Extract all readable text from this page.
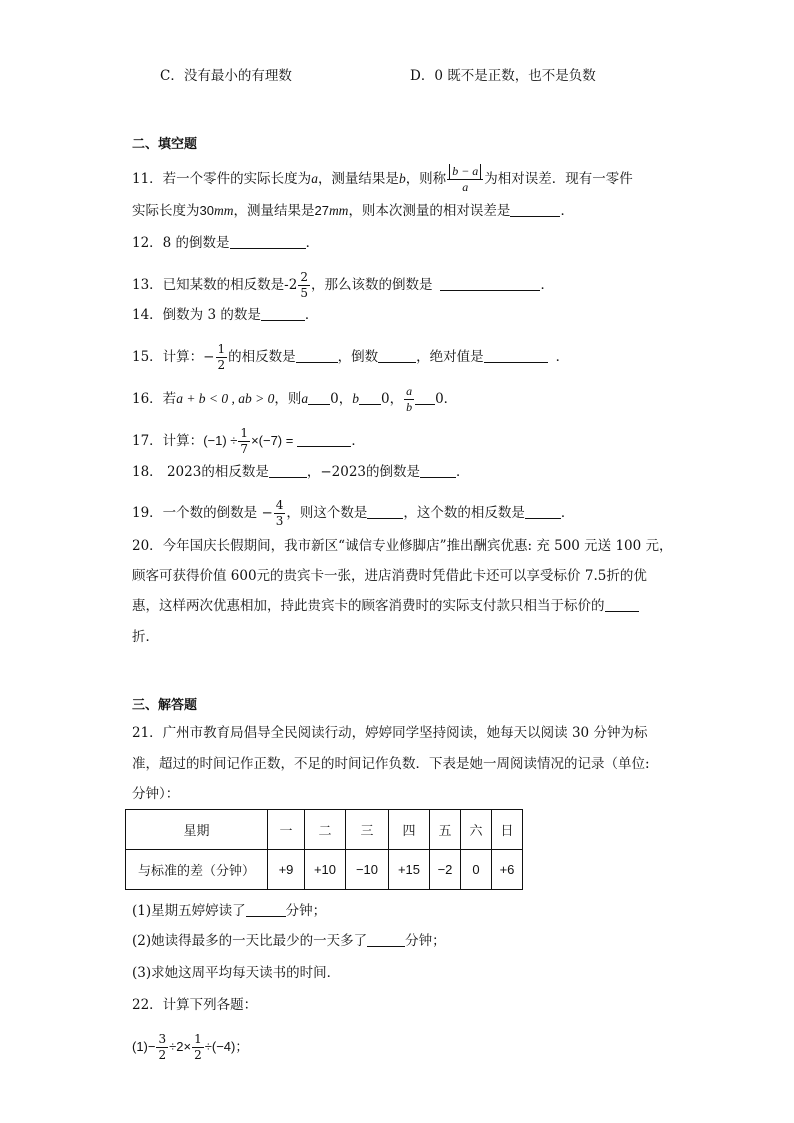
C．没有最小的有理数	D．0 既不是正数，也不是负数
二、填空题
11．若一个零件的实际长度为a，测量结果是b，则称 $\frac{b - a}{a}$ 为相对误差．现有一零件
实际长度为30mm，测量结果是27mm，则本次测量的相对误差是	．
12．8 的倒数是	．
13．已知某数的相反数是$-2 \frac{2}{5}$ ，那么该数的倒数是	．
14．倒数为 3 的数是	．
15．计算：− $\frac{1}{2}$ 的相反数是	，倒数	，绝对值是	．
16．若a + b < 0 , ab > 0，则a 0，b 0， $\frac{a}{b} 0$．
17．计算：$(-1) \div \frac{1}{7} \times(-7)$ =	．
18． 2023的相反数是	，−2023的倒数是	．
19．一个数的倒数是 − $\frac{4}{3}$ ，则这个数是	，这个数的相反数是	．
20．今年国庆长假期间，我市新区“诚信专业修脚店”推出酬宾优惠: 充 500 元送 100 元，
顾客可获得价值 600元的贵宾卡一张，进店消费时凭借此卡还可以享受标价 7.5折的优
惠，这样两次优惠相加，持此贵宾卡的顾客消费时的实际支付款只相当于标价的
折．
三、解答题
21．广州市教育局倡导全民阅读行动，婷婷同学坚持阅读，她每天以阅读 30 分钟为标
准，超过的时间记作正数，不足的时间记作负数．下表是她一周阅读情况的记录（单位:
分钟）：
星期	一	二	三	四	五	六	日
与标准的差（分钟）	+9	+10	−10	+15	−2	0	+6
(1)星期五婷婷读了	分钟；
(2)她读得最多的一天比最少的一天多了	分钟；
(3)求她这周平均每天读书的时间．
22．计算下列各题：
$(1)- \frac{3}{2} \div 2\times \frac{1}{2} \div(-4)$；
